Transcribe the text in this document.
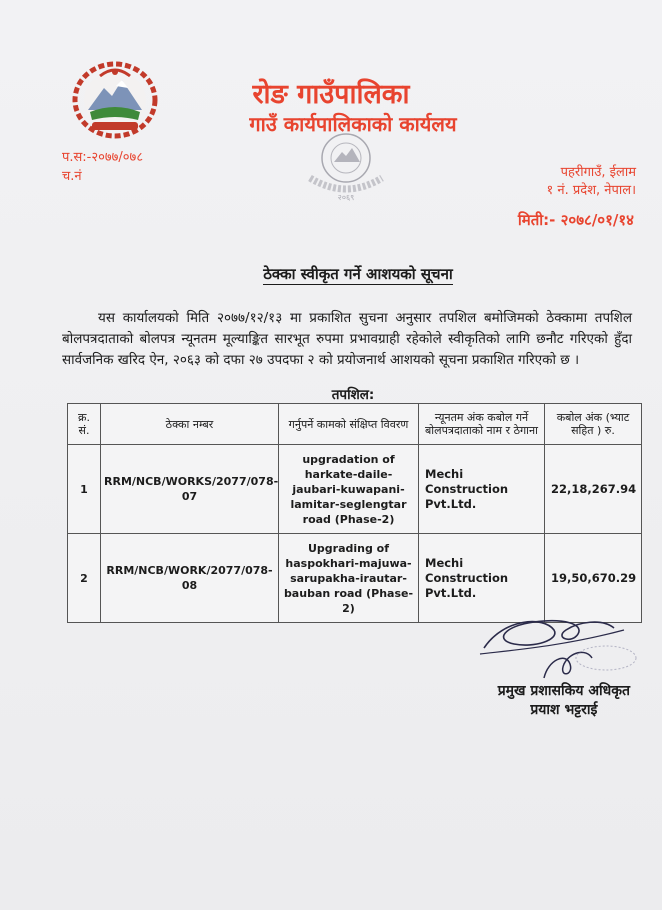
रोङ गाउँपालिका
गाउँ कार्यपालिकाको कार्यलय
२०६९
प.स:-२०७७/०७८
च.नं	पहरीगाउँ, ईलाम
१ नं. प्रदेश, नेपाल।
मिती:- २०७८/०१/१४
ठेक्का स्वीकृत गर्ने आशयको सूचना
यस कार्यालयको मिति २०७७/१२/१३ मा प्रकाशित सुचना अनुसार तपशिल बमोजिमको ठेक्कामा तपशिल बोलपत्रदाताको बोलपत्र न्यूनतम मूल्याङ्कित सारभूत रुपमा प्रभावग्राही रहेकोले स्वीकृतिको लागि छनौट गरिएको हुँदा सार्वजनिक खरिद ऐन, २०६३ को दफा २७ उपदफा २ को प्रयोजनार्थ आशयको सूचना प्रकाशित गरिएको छ ।
तपशिल:
क्र. सं.	ठेक्का नम्बर	गर्नुपर्ने कामको संक्षिप्त विवरण	न्यूनतम अंक कबोल गर्ने बोलपत्रदाताको नाम र ठेगाना	कबोल अंक (भ्याट सहित ) रु.
1	RRM/NCB/WORKS/2077/078-07	upgradation of harkate-daile-jaubari-kuwapani-lamitar-seglengtar road (Phase-2)	Mechi Construction Pvt.Ltd.	22,18,267.94
2	RRM/NCB/WORK/2077/078-08	Upgrading of haspokhari-majuwa-sarupakha-irautar-bauban road (Phase-2)	Mechi Construction Pvt.Ltd.	19,50,670.29
प्रमुख प्रशासकिय अधिकृत
प्रयाश भट्टराई
